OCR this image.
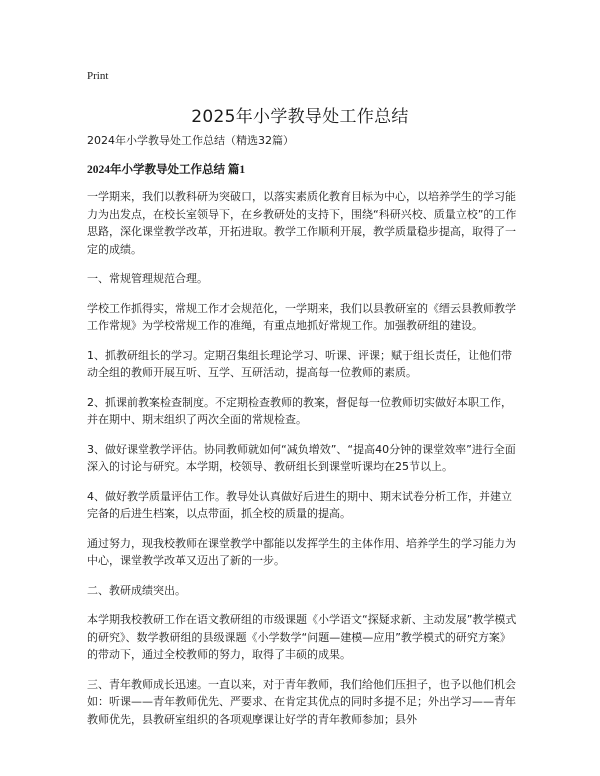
Print
2025年小学教导处工作总结

2024年小学教导处工作总结（精选32篇）

2024年小学教导处工作总结 篇1

一学期来，我们以教科研为突破口，以落实素质化教育目标为中心，以培养学生的学习能力为出发点，在校长室领导下，在乡教研处的支持下，围绕“科研兴校、质量立校”的工作思路，深化课堂教学改革，开拓进取。教学工作顺利开展，教学质量稳步提高，取得了一定的成绩。

一、常规管理规范合理。

学校工作抓得实，常规工作才会规范化，一学期来，我们以县教研室的《缙云县教师教学工作常规》为学校常规工作的准绳，有重点地抓好常规工作。加强教研组的建设。

1、抓教研组长的学习。定期召集组长理论学习、听课、评课；赋于组长责任，让他们带动全组的教师开展互听、互学、互研活动，提高每一位教师的素质。

2、抓课前教案检查制度。不定期检查教师的教案，督促每一位教师切实做好本职工作，并在期中、期末组织了两次全面的常规检查。

3、做好课堂教学评估。协同教师就如何“减负增效”、“提高40分钟的课堂效率”进行全面深入的讨论与研究。本学期，校领导、教研组长到课堂听课均在25节以上。

4、做好教学质量评估工作。教导处认真做好后进生的期中、期末试卷分析工作，并建立完备的后进生档案，以点带面，抓全校的质量的提高。

通过努力，现我校教师在课堂教学中都能以发挥学生的主体作用、培养学生的学习能力为中心，课堂教学改革又迈出了新的一步。

二、教研成绩突出。

本学期我校教研工作在语文教研组的市级课题《小学语文“探疑求新、主动发展”教学模式的研究》、数学教研组的县级课题《小学数学“问题—建模—应用”教学模式的研究方案》的带动下，通过全校教师的努力，取得了丰硕的成果。

三、青年教师成长迅速。一直以来，对于青年教师，我们给他们压担子，也予以他们机会如：听课——青年教师优先、严要求、在肯定其优点的同时多提不足；外出学习——青年教师优先，县教研室组织的各项观摩课让好学的青年教师参加；县外
